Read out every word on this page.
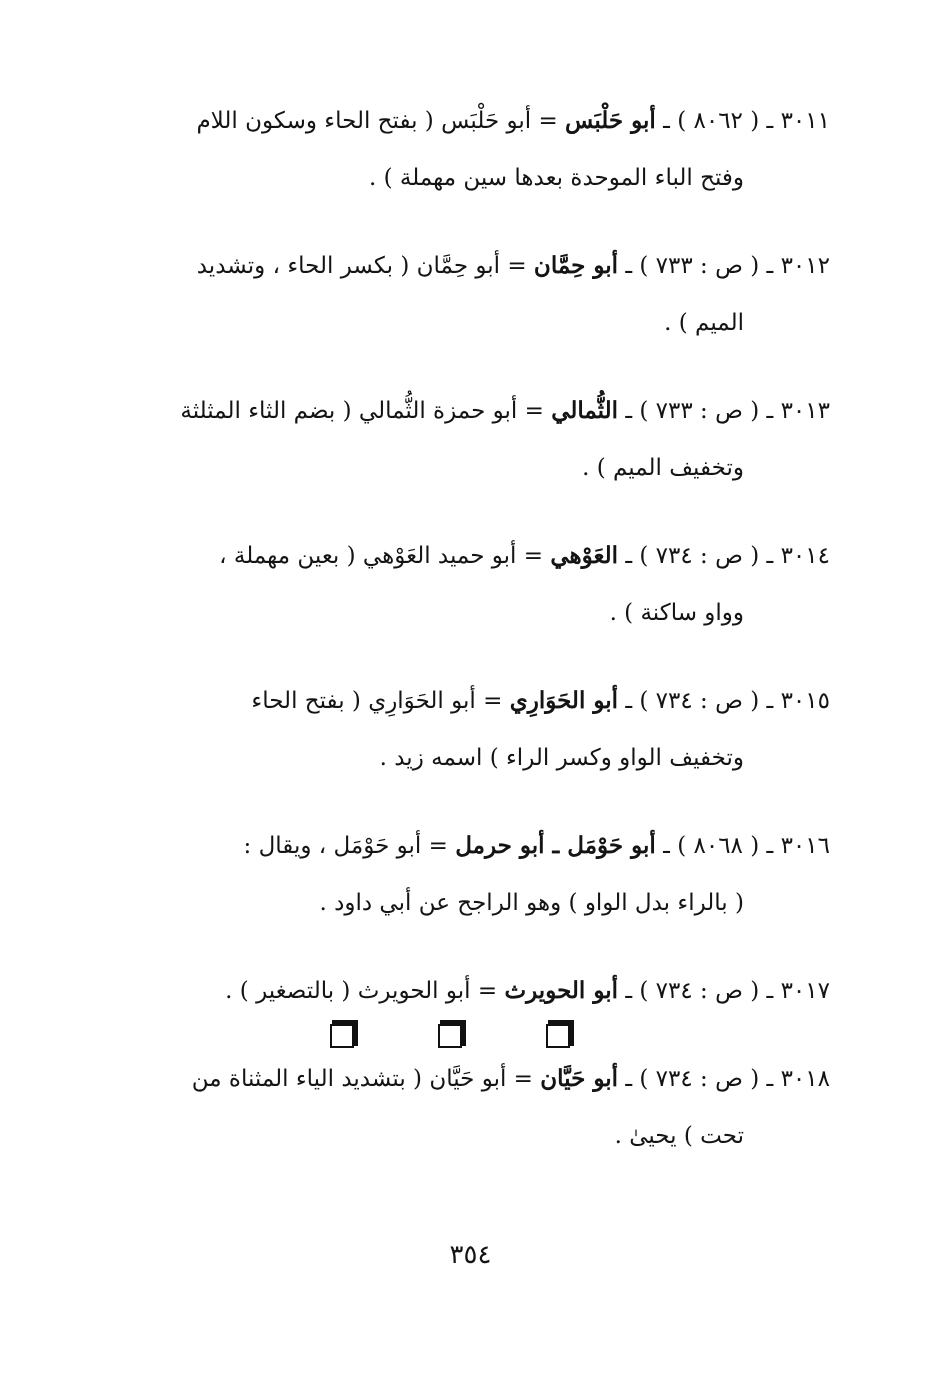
٣٠١١ ـ ( ٨٠٦٢ ) ـ أبو حَلْبَس = أبو حَلْبَس ( بفتح الحاء وسكون اللام
وفتح الباء الموحدة بعدها سين مهملة ) .
٣٠١٢ ـ ( ص : ٧٣٣ ) ـ أبو حِمَّان = أبو حِمَّان ( بكسر الحاء ، وتشديد
الميم ) .
٣٠١٣ ـ ( ص : ٧٣٣ ) ـ الثُّمالي = أبو حمزة الثُّمالي ( بضم الثاء المثلثة
وتخفيف الميم ) .
٣٠١٤ ـ ( ص : ٧٣٤ ) ـ العَوْهي = أبو حميد العَوْهي ( بعين مهملة ،
وواو ساكنة ) .
٣٠١٥ ـ ( ص : ٧٣٤ ) ـ أبو الحَوَارِي = أبو الحَوَارِي ( بفتح الحاء
وتخفيف الواو وكسر الراء ) اسمه زيد .
٣٠١٦ ـ ( ٨٠٦٨ ) ـ أبو حَوْمَل ـ أبو حرمل = أبو حَوْمَل ، ويقال :
( بالراء بدل الواو ) وهو الراجح عن أبي داود .
٣٠١٧ ـ ( ص : ٧٣٤ ) ـ أبو الحويرث = أبو الحويرث ( بالتصغير ) .
٣٠١٨ ـ ( ص : ٧٣٤ ) ـ أبو حَيَّان = أبو حَيَّان ( بتشديد الياء المثناة من
تحت ) يحيىٰ .
٣٥٤
